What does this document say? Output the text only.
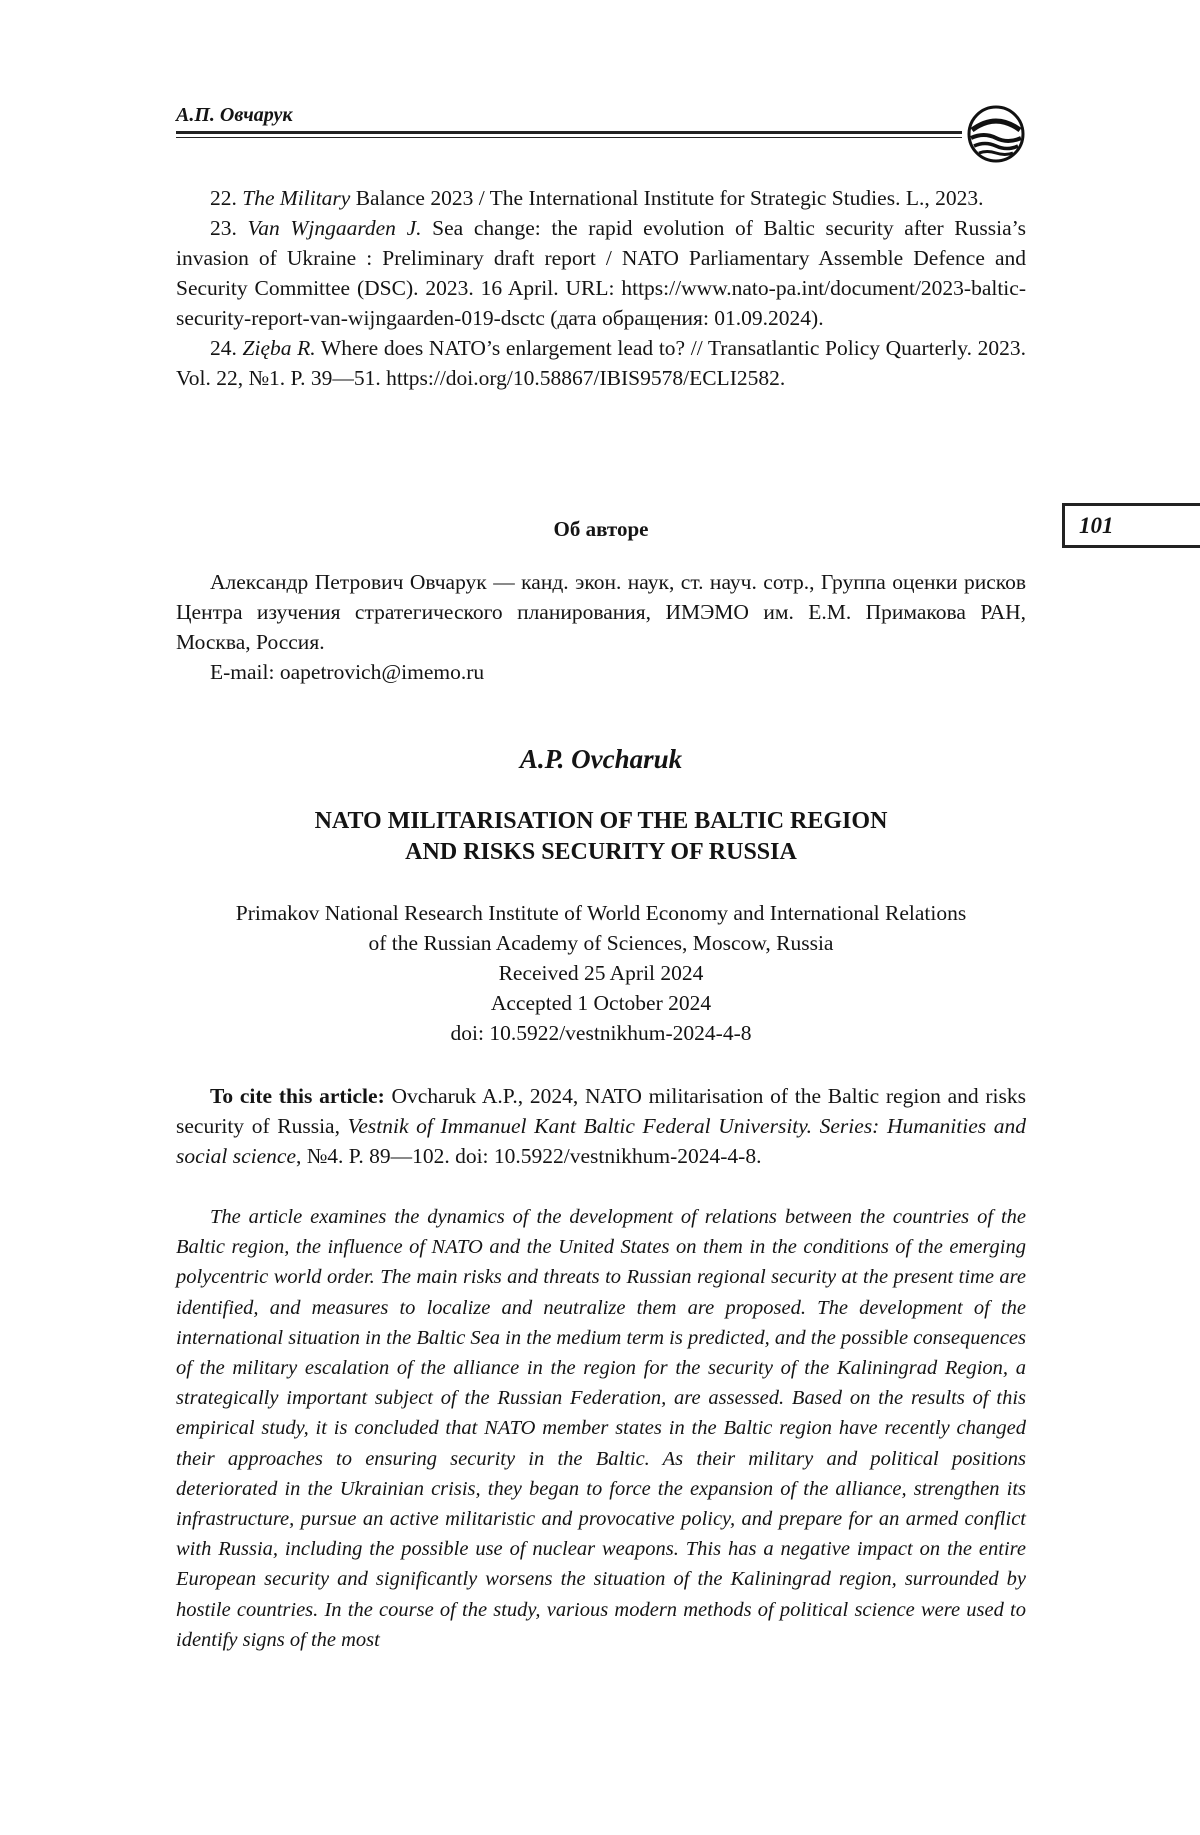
А.П. Овчарук
101

22. The Military Balance 2023 / The International Institute for Strategic Studies. L., 2023.

23. Van Wjngaarden J. Sea change: the rapid evolution of Baltic security after Russia’s invasion of Ukraine : Preliminary draft report / NATO Parliamentary Assemble Defence and Security Committee (DSC). 2023. 16 April. URL: https://www.nato-pa.int/document/2023-baltic-security-report-van-wijngaarden-019-dsctc (дата обращения: 01.09.2024).

24. Zięba R. Where does NATO’s enlargement lead to? // Transatlantic Policy Quarterly. 2023. Vol. 22, №1. P. 39—51. https://doi.org/10.58867/IBIS9578/ECLI2582.

Об авторе

Александр Петрович Овчарук — канд. экон. наук, ст. науч. сотр., Группа оценки рисков Центра изучения стратегического планирования, ИМЭМО им. Е.М. Примакова РАН, Москва, Россия.

E-mail: oapetrovich@imemo.ru

A.P. Ovcharuk
NATO MILITARISATION OF THE BALTIC REGION
AND RISKS SECURITY OF RUSSIA
Primakov National Research Institute of World Economy and International Relations
of the Russian Academy of Sciences, Moscow, Russia
Received 25 April 2024
Accepted 1 October 2024
doi: 10.5922/vestnikhum-2024-4-8
To cite this article: Ovcharuk A.P., 2024, NATO militarisation of the Baltic region and risks security of Russia, Vestnik of Immanuel Kant Baltic Federal University. Series: Humanities and social science, №4. P. 89—102. doi: 10.5922/vestnikhum-2024-4-8.
The article examines the dynamics of the development of relations between the countries of the Baltic region, the influence of NATO and the United States on them in the conditions of the emerging polycentric world order. The main risks and threats to Russian regional security at the present time are identified, and measures to localize and neutralize them are proposed. The development of the international situation in the Baltic Sea in the medium term is predicted, and the possible consequences of the military escalation of the alliance in the region for the security of the Kaliningrad Region, a strategically important subject of the Russian Federation, are assessed. Based on the results of this empirical study, it is concluded that NATO member states in the Baltic region have recently changed their approaches to ensuring security in the Baltic. As their military and political positions deteriorated in the Ukrainian crisis, they began to force the expansion of the alliance, strengthen its infrastructure, pursue an active militaristic and provocative policy, and prepare for an armed conflict with Russia, including the possible use of nuclear weapons. This has a negative impact on the entire European security and significantly worsens the situation of the Kaliningrad region, surrounded by hostile countries. In the course of the study, various modern methods of political science were used to identify signs of the most
